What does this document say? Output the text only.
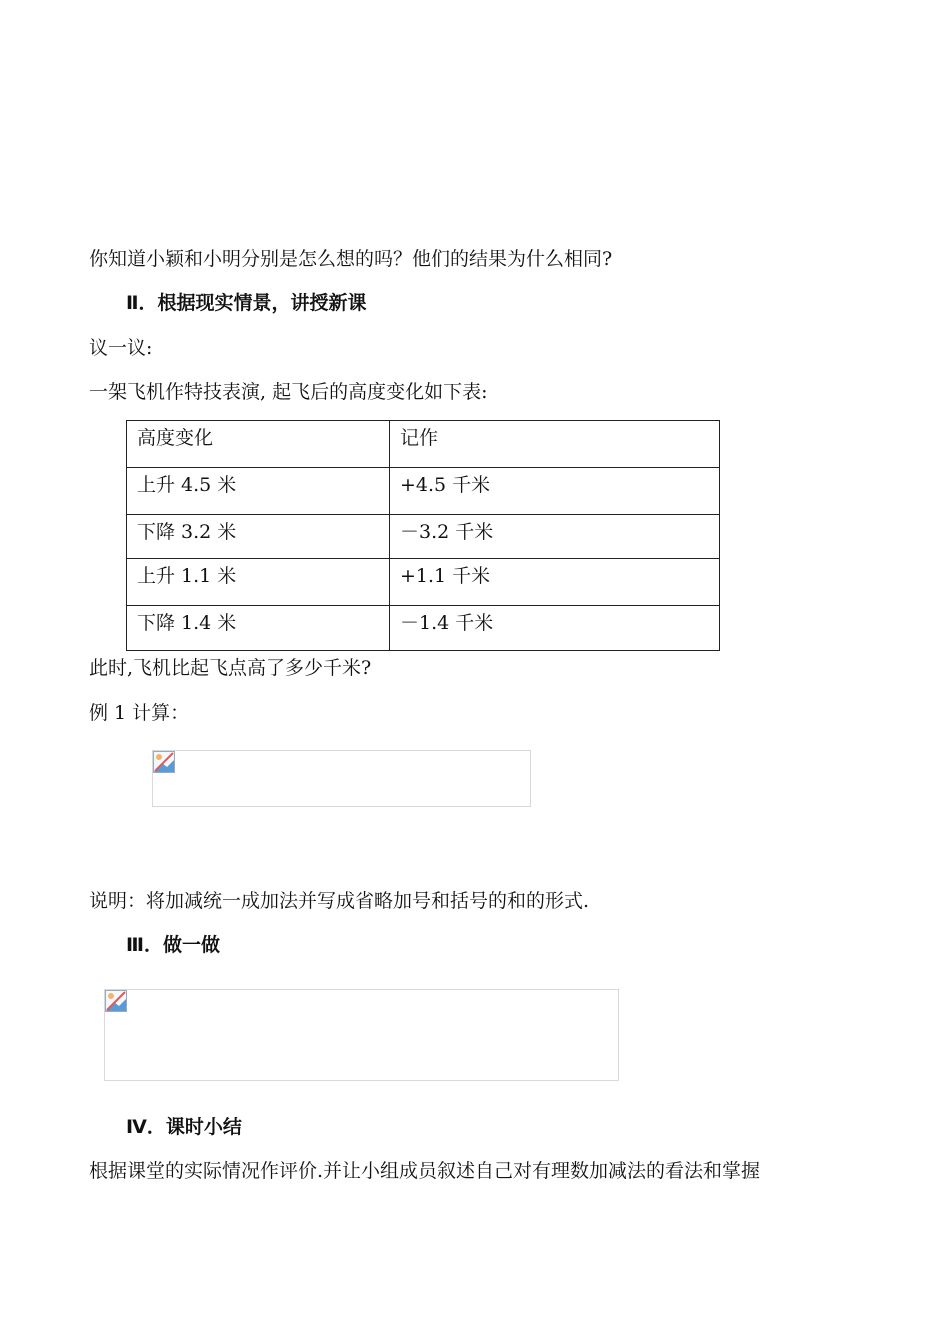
你知道小颖和小明分别是怎么想的吗？他们的结果为什么相同?
Ⅱ．根据现实情景，讲授新课
议一议:
一架飞机作特技表演, 起飞后的高度变化如下表:
高度变化	记作
上升 4.5 米	+4.5 千米
下降 3.2 米	－3.2 千米
上升 1.1 米	+1.1 千米
下降 1.4 米	－1.4 千米
此时,飞机比起飞点高了多少千米?
例 1 计算：
说明：将加减统一成加法并写成省略加号和括号的和的形式.
Ⅲ．做一做
Ⅳ．课时小结
根据课堂的实际情况作评价.并让小组成员叙述自己对有理数加减法的看法和掌握
